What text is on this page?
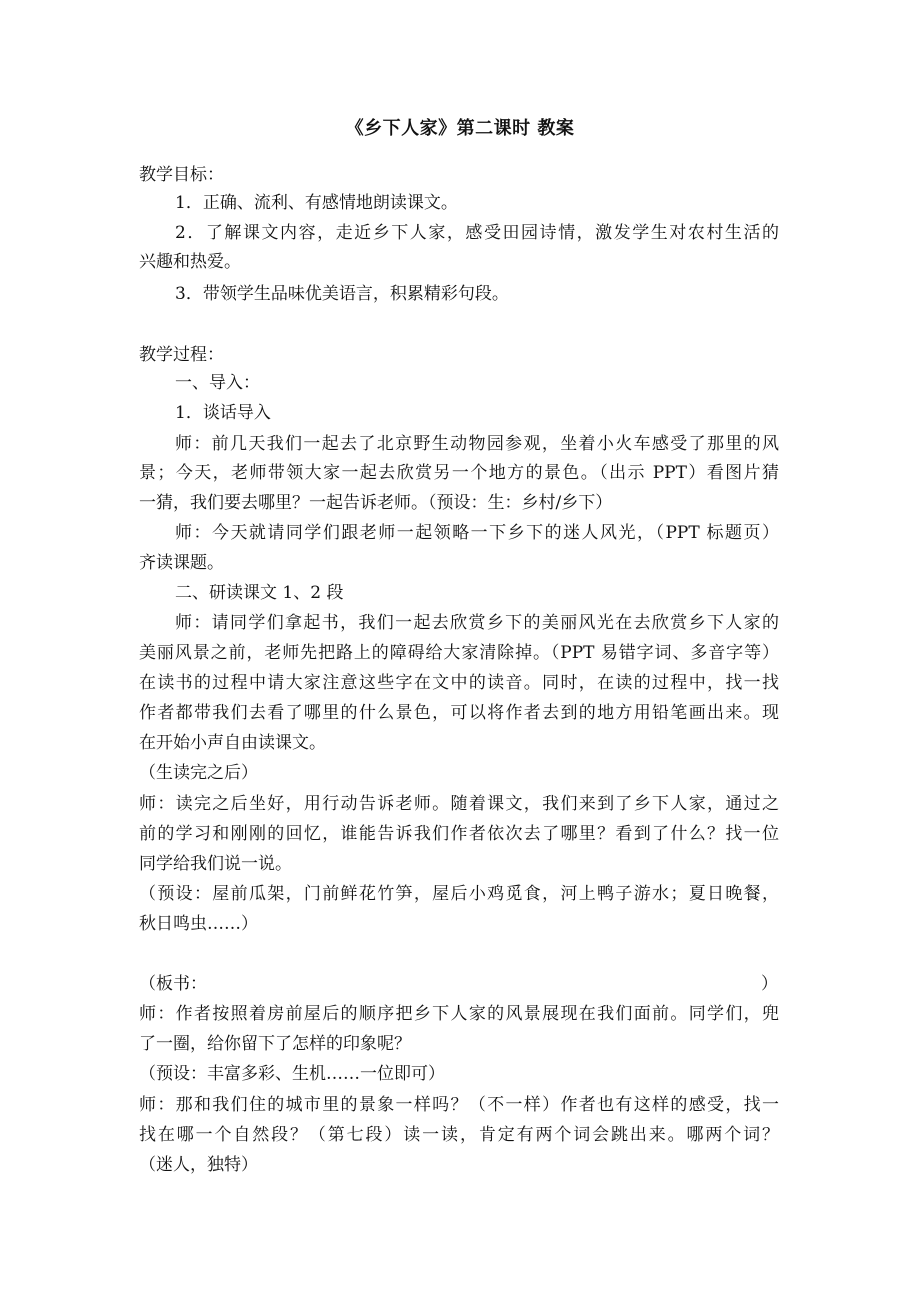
《乡下人家》第二课时 教案
教学目标：
1．正确、流利、有感情地朗读课文。
2．了解课文内容，走近乡下人家，感受田园诗情，激发学生对农村生活的
兴趣和热爱。
3．带领学生品味优美语言，积累精彩句段。
教学过程：
一、导入：
1．谈话导入
师：前几天我们一起去了北京野生动物园参观，坐着小火车感受了那里的风
景；今天，老师带领大家一起去欣赏另一个地方的景色。（出示 PPT）看图片猜
一猜，我们要去哪里？一起告诉老师。（预设：生：乡村/乡下）
师：今天就请同学们跟老师一起领略一下乡下的迷人风光，（PPT 标题页）
齐读课题。
二、研读课文 1、2 段
师：请同学们拿起书，我们一起去欣赏乡下的美丽风光在去欣赏乡下人家的
美丽风景之前，老师先把路上的障碍给大家清除掉。（PPT 易错字词、多音字等）
在读书的过程中请大家注意这些字在文中的读音。同时，在读的过程中，找一找
作者都带我们去看了哪里的什么景色，可以将作者去到的地方用铅笔画出来。现
在开始小声自由读课文。
（生读完之后）
师：读完之后坐好，用行动告诉老师。随着课文，我们来到了乡下人家，通过之
前的学习和刚刚的回忆，谁能告诉我们作者依次去了哪里？看到了什么？找一位
同学给我们说一说。
（预设：屋前瓜架，门前鲜花竹笋，屋后小鸡觅食，河上鸭子游水；夏日晚餐，
秋日鸣虫……）
（板书：	）
师：作者按照着房前屋后的顺序把乡下人家的风景展现在我们面前。同学们，兜
了一圈，给你留下了怎样的印象呢？
（预设：丰富多彩、生机……一位即可）
师：那和我们住的城市里的景象一样吗？（不一样）作者也有这样的感受，找一
找在哪一个自然段？（第七段）读一读，肯定有两个词会跳出来。哪两个词？
（迷人，独特）
